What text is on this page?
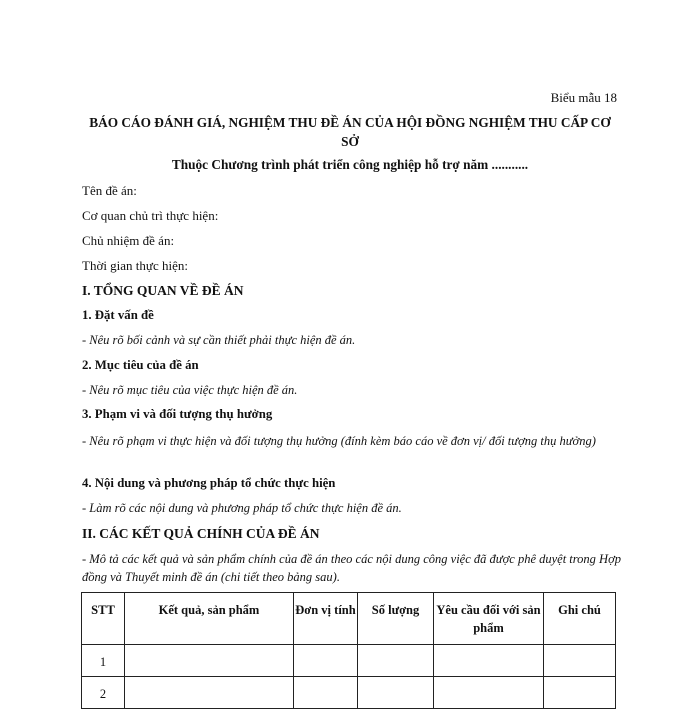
Biểu mẫu 18
BÁO CÁO ĐÁNH GIÁ, NGHIỆM THU ĐỀ ÁN CỦA HỘI ĐỒNG NGHIỆM THU CẤP CƠ SỞ
Thuộc Chương trình phát triển công nghiệp hỗ trợ năm ...........
Tên đề án:
Cơ quan chủ trì thực hiện:
Chủ nhiệm đề án:
Thời gian thực hiện:
I. TỔNG QUAN VỀ ĐỀ ÁN
1. Đặt vấn đề
- Nêu rõ bối cảnh và sự cần thiết phải thực hiện đề án.
2. Mục tiêu của đề án
- Nêu rõ mục tiêu của việc thực hiện đề án.
3. Phạm vi và đối tượng thụ hưởng
- Nêu rõ phạm vi thực hiện và đối tượng thụ hưởng (đính kèm báo cáo về đơn vị/ đối tượng thụ hưởng)
4. Nội dung và phương pháp tổ chức thực hiện
- Làm rõ các nội dung và phương pháp tổ chức thực hiện đề án.
II. CÁC KẾT QUẢ CHÍNH CỦA ĐỀ ÁN
- Mô tả các kết quả và sản phẩm chính của đề án theo các nội dung công việc đã được phê duyệt trong Hợp đồng và Thuyết minh đề án (chi tiết theo bảng sau).
STT	Kết quả, sản phẩm	Đơn vị tính	Số lượng	Yêu cầu đối với sản phẩm	Ghi chú
1					
2					
